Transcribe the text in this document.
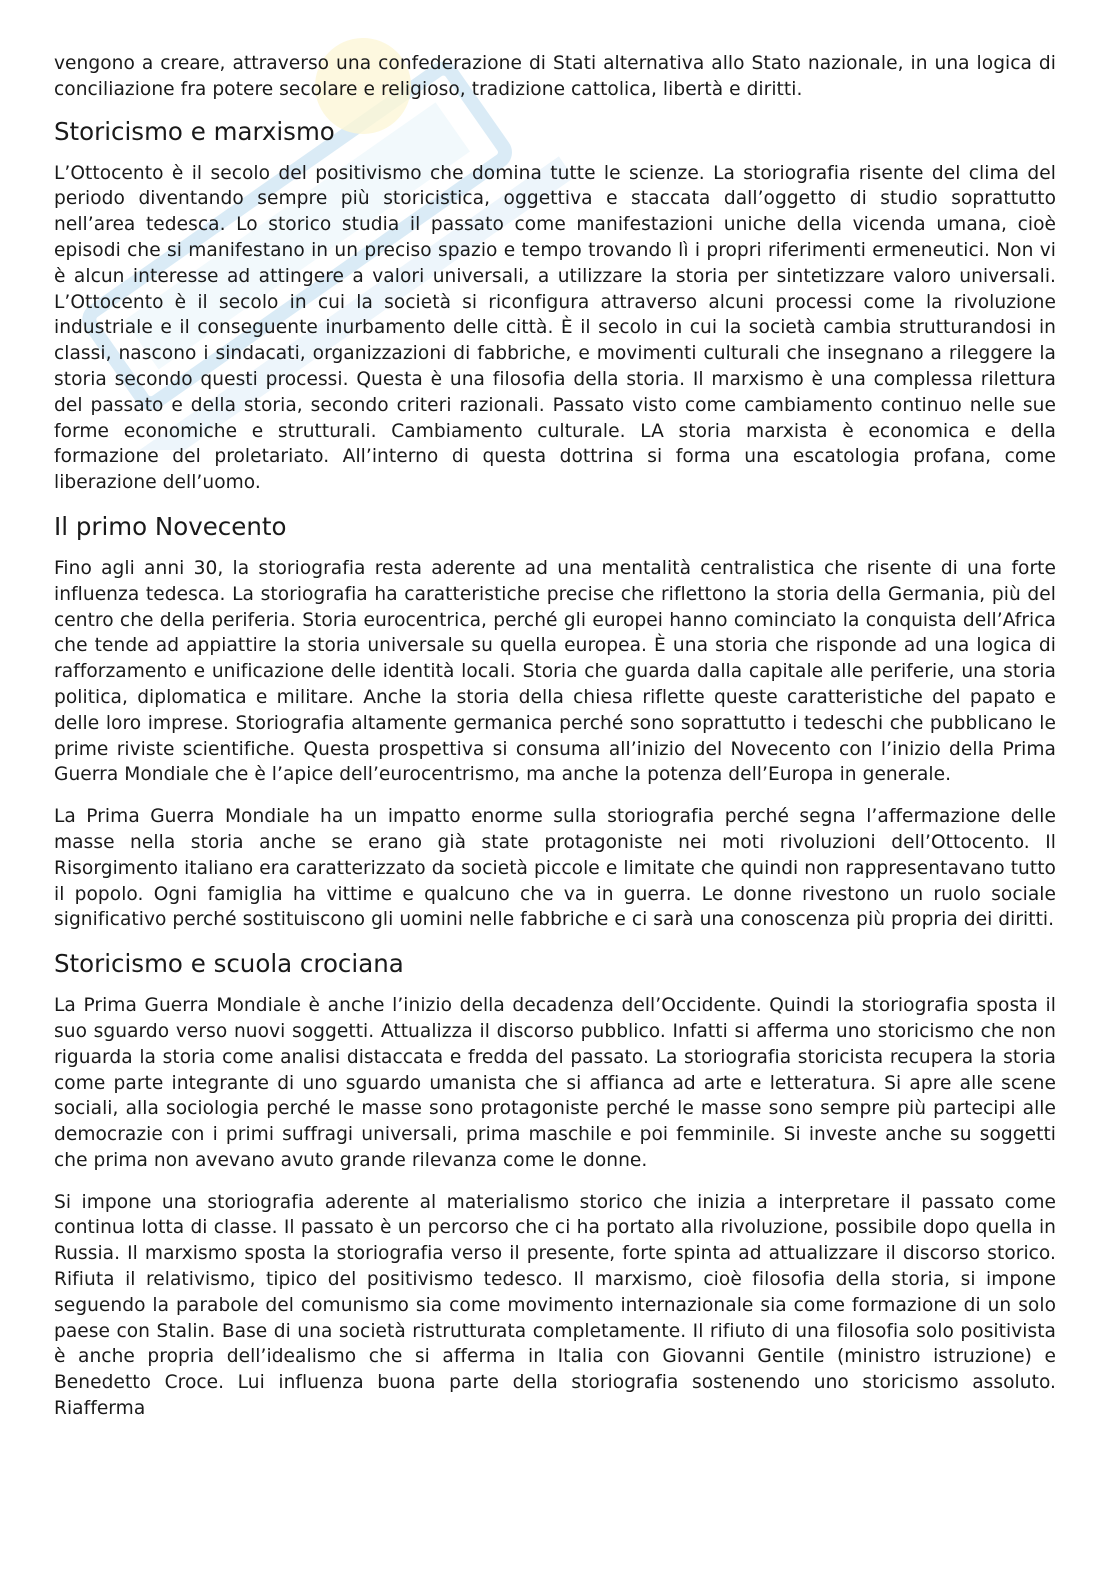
vengono a creare, attraverso una confederazione di Stati alternativa allo Stato nazionale, in una logica di conciliazione fra potere secolare e religioso, tradizione cattolica, libertà e diritti.

Storicismo e marxismo

L’Ottocento è il secolo del positivismo che domina tutte le scienze. La storiografia risente del clima del periodo diventando sempre più storicistica, oggettiva e staccata dall’oggetto di studio soprattutto nell’area tedesca. Lo storico studia il passato come manifestazioni uniche della vicenda umana, cioè episodi che si manifestano in un preciso spazio e tempo trovando lì i propri riferimenti ermeneutici. Non vi è alcun interesse ad attingere a valori universali, a utilizzare la storia per sintetizzare valoro universali. L’Ottocento è il secolo in cui la società si riconfigura attraverso alcuni processi come la rivoluzione industriale e il conseguente inurbamento delle città. È il secolo in cui la società cambia strutturandosi in classi, nascono i sindacati, organizzazioni di fabbriche, e movimenti culturali che insegnano a rileggere la storia secondo questi processi. Questa è una filosofia della storia. Il marxismo è una complessa rilettura del passato e della storia, secondo criteri razionali. Passato visto come cambiamento continuo nelle sue forme economiche e strutturali. Cambiamento culturale. LA storia marxista è economica e della formazione del proletariato. All’interno di questa dottrina si forma una escatologia profana, come liberazione dell’uomo.

Il primo Novecento

Fino agli anni 30, la storiografia resta aderente ad una mentalità centralistica che risente di una forte influenza tedesca. La storiografia ha caratteristiche precise che riflettono la storia della Germania, più del centro che della periferia. Storia eurocentrica, perché gli europei hanno cominciato la conquista dell’Africa che tende ad appiattire la storia universale su quella europea. È una storia che risponde ad una logica di rafforzamento e unificazione delle identità locali. Storia che guarda dalla capitale alle periferie, una storia politica, diplomatica e militare. Anche la storia della chiesa riflette queste caratteristiche del papato e delle loro imprese. Storiografia altamente germanica perché sono soprattutto i tedeschi che pubblicano le prime riviste scientifiche. Questa prospettiva si consuma all’inizio del Novecento con l’inizio della Prima Guerra Mondiale che è l’apice dell’eurocentrismo, ma anche la potenza dell’Europa in generale.

La Prima Guerra Mondiale ha un impatto enorme sulla storiografia perché segna l’affermazione delle masse nella storia anche se erano già state protagoniste nei moti rivoluzioni dell’Ottocento. Il Risorgimento italiano era caratterizzato da società piccole e limitate che quindi non rappresentavano tutto il popolo. Ogni famiglia ha vittime e qualcuno che va in guerra. Le donne rivestono un ruolo sociale significativo perché sostituiscono gli uomini nelle fabbriche e ci sarà una conoscenza più propria dei diritti.

Storicismo e scuola crociana

La Prima Guerra Mondiale è anche l’inizio della decadenza dell’Occidente. Quindi la storiografia sposta il suo sguardo verso nuovi soggetti. Attualizza il discorso pubblico. Infatti si afferma uno storicismo che non riguarda la storia come analisi distaccata e fredda del passato. La storiografia storicista recupera la storia come parte integrante di uno sguardo umanista che si affianca ad arte e letteratura. Si apre alle scene sociali, alla sociologia perché le masse sono protagoniste perché le masse sono sempre più partecipi alle democrazie con i primi suffragi universali, prima maschile e poi femminile. Si investe anche su soggetti che prima non avevano avuto grande rilevanza come le donne.

Si impone una storiografia aderente al materialismo storico che inizia a interpretare il passato come continua lotta di classe. Il passato è un percorso che ci ha portato alla rivoluzione, possibile dopo quella in Russia. Il marxismo sposta la storiografia verso il presente, forte spinta ad attualizzare il discorso storico. Rifiuta il relativismo, tipico del positivismo tedesco. Il marxismo, cioè filosofia della storia, si impone seguendo la parabole del comunismo sia come movimento internazionale sia come formazione di un solo paese con Stalin. Base di una società ristrutturata completamente. Il rifiuto di una filosofia solo positivista è anche propria dell’idealismo che si afferma in Italia con Giovanni Gentile (ministro istruzione) e Benedetto Croce. Lui influenza buona parte della storiografia sostenendo uno storicismo assoluto. Riafferma
